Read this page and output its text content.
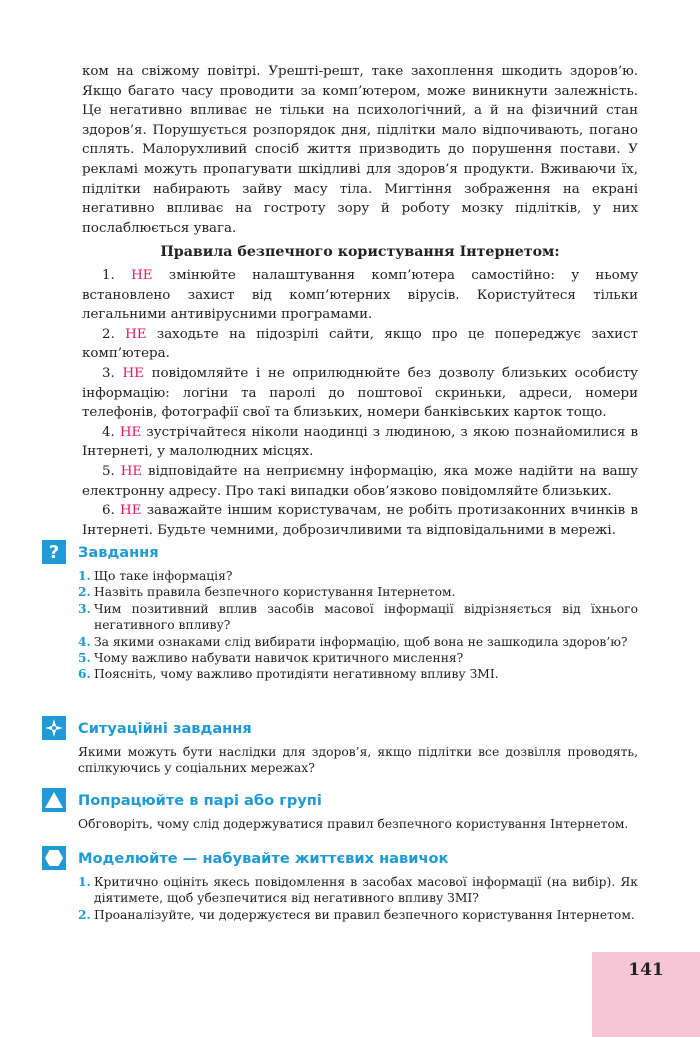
ком на свіжому повітрі. Урешті-решт, таке захоплення шкодить здоров’ю. Якщо багато часу проводити за комп’ютером, може виникнути залежність. Це негативно впливає не тільки на психологічний, а й на фізичний стан здоров’я. Порушується розпорядок дня, підлітки мало відпочивають, погано сплять. Малорухливий спосіб життя призводить до порушення постави. У рекламі можуть пропагувати шкідливі для здоров’я продукти. Вживаючи їх, підлітки набирають зайву масу тіла. Мигтіння зображення на екрані негативно впливає на гостроту зору й роботу мозку підлітків, у них послаблюється увага.

Правила безпечного користування Інтернетом:

1. НЕ змінюйте налаштування комп’ютера самостійно: у ньому встановлено захист від комп’ютерних вірусів. Користуйтеся тільки легальними антивірусними програмами.

2. НЕ заходьте на підозрілі сайти, якщо про це попереджує захист комп’ютера.

3. НЕ повідомляйте і не оприлюднюйте без дозволу близьких особисту інформацію: логіни та паролі до поштової скриньки, адреси, номери телефонів, фотографії свої та близьких, номери банківських карток тощо.

4. НЕ зустрічайтеся ніколи наодинці з людиною, з якою познайомилися в Інтернеті, у малолюдних місцях.

5. НЕ відповідайте на неприємну інформацію, яка може надійти на вашу електронну адресу. Про такі випадки обов’язково повідомляйте близьких.

6. НЕ заважайте іншим користувачам, не робіть протизаконних вчинків в Інтернеті. Будьте чемними, доброзичливими та відповідальними в мережі.

?	Завдання
1. Що таке інформація?
2. Назвіть правила безпечного користування Інтернетом.
3. Чим позитивний вплив засобів масової інформації відрізняється від їхнього негативного впливу?
4. За якими ознаками слід вибирати інформацію, щоб вона не зашкодила здоров’ю?
5. Чому важливо набувати навичок критичного мислення?
6. Поясніть, чому важливо протидіяти негативному впливу ЗМІ.
Ситуаційні завдання

Якими можуть бути наслідки для здоров’я, якщо підлітки все дозвілля проводять, спілкуючись у соціальних мережах?

Попрацюйте в парі або групі

Обговоріть, чому слід додержуватися правил безпечного користування Інтернетом.

Моделюйте — набувайте життєвих навичок
1. Критично оцініть якесь повідомлення в засобах масової інформації (на вибір). Як діятимете, щоб убезпечитися від негативного впливу ЗМІ?
2. Проаналізуйте, чи додержуєтеся ви правил безпечного користування Інтернетом.
141
